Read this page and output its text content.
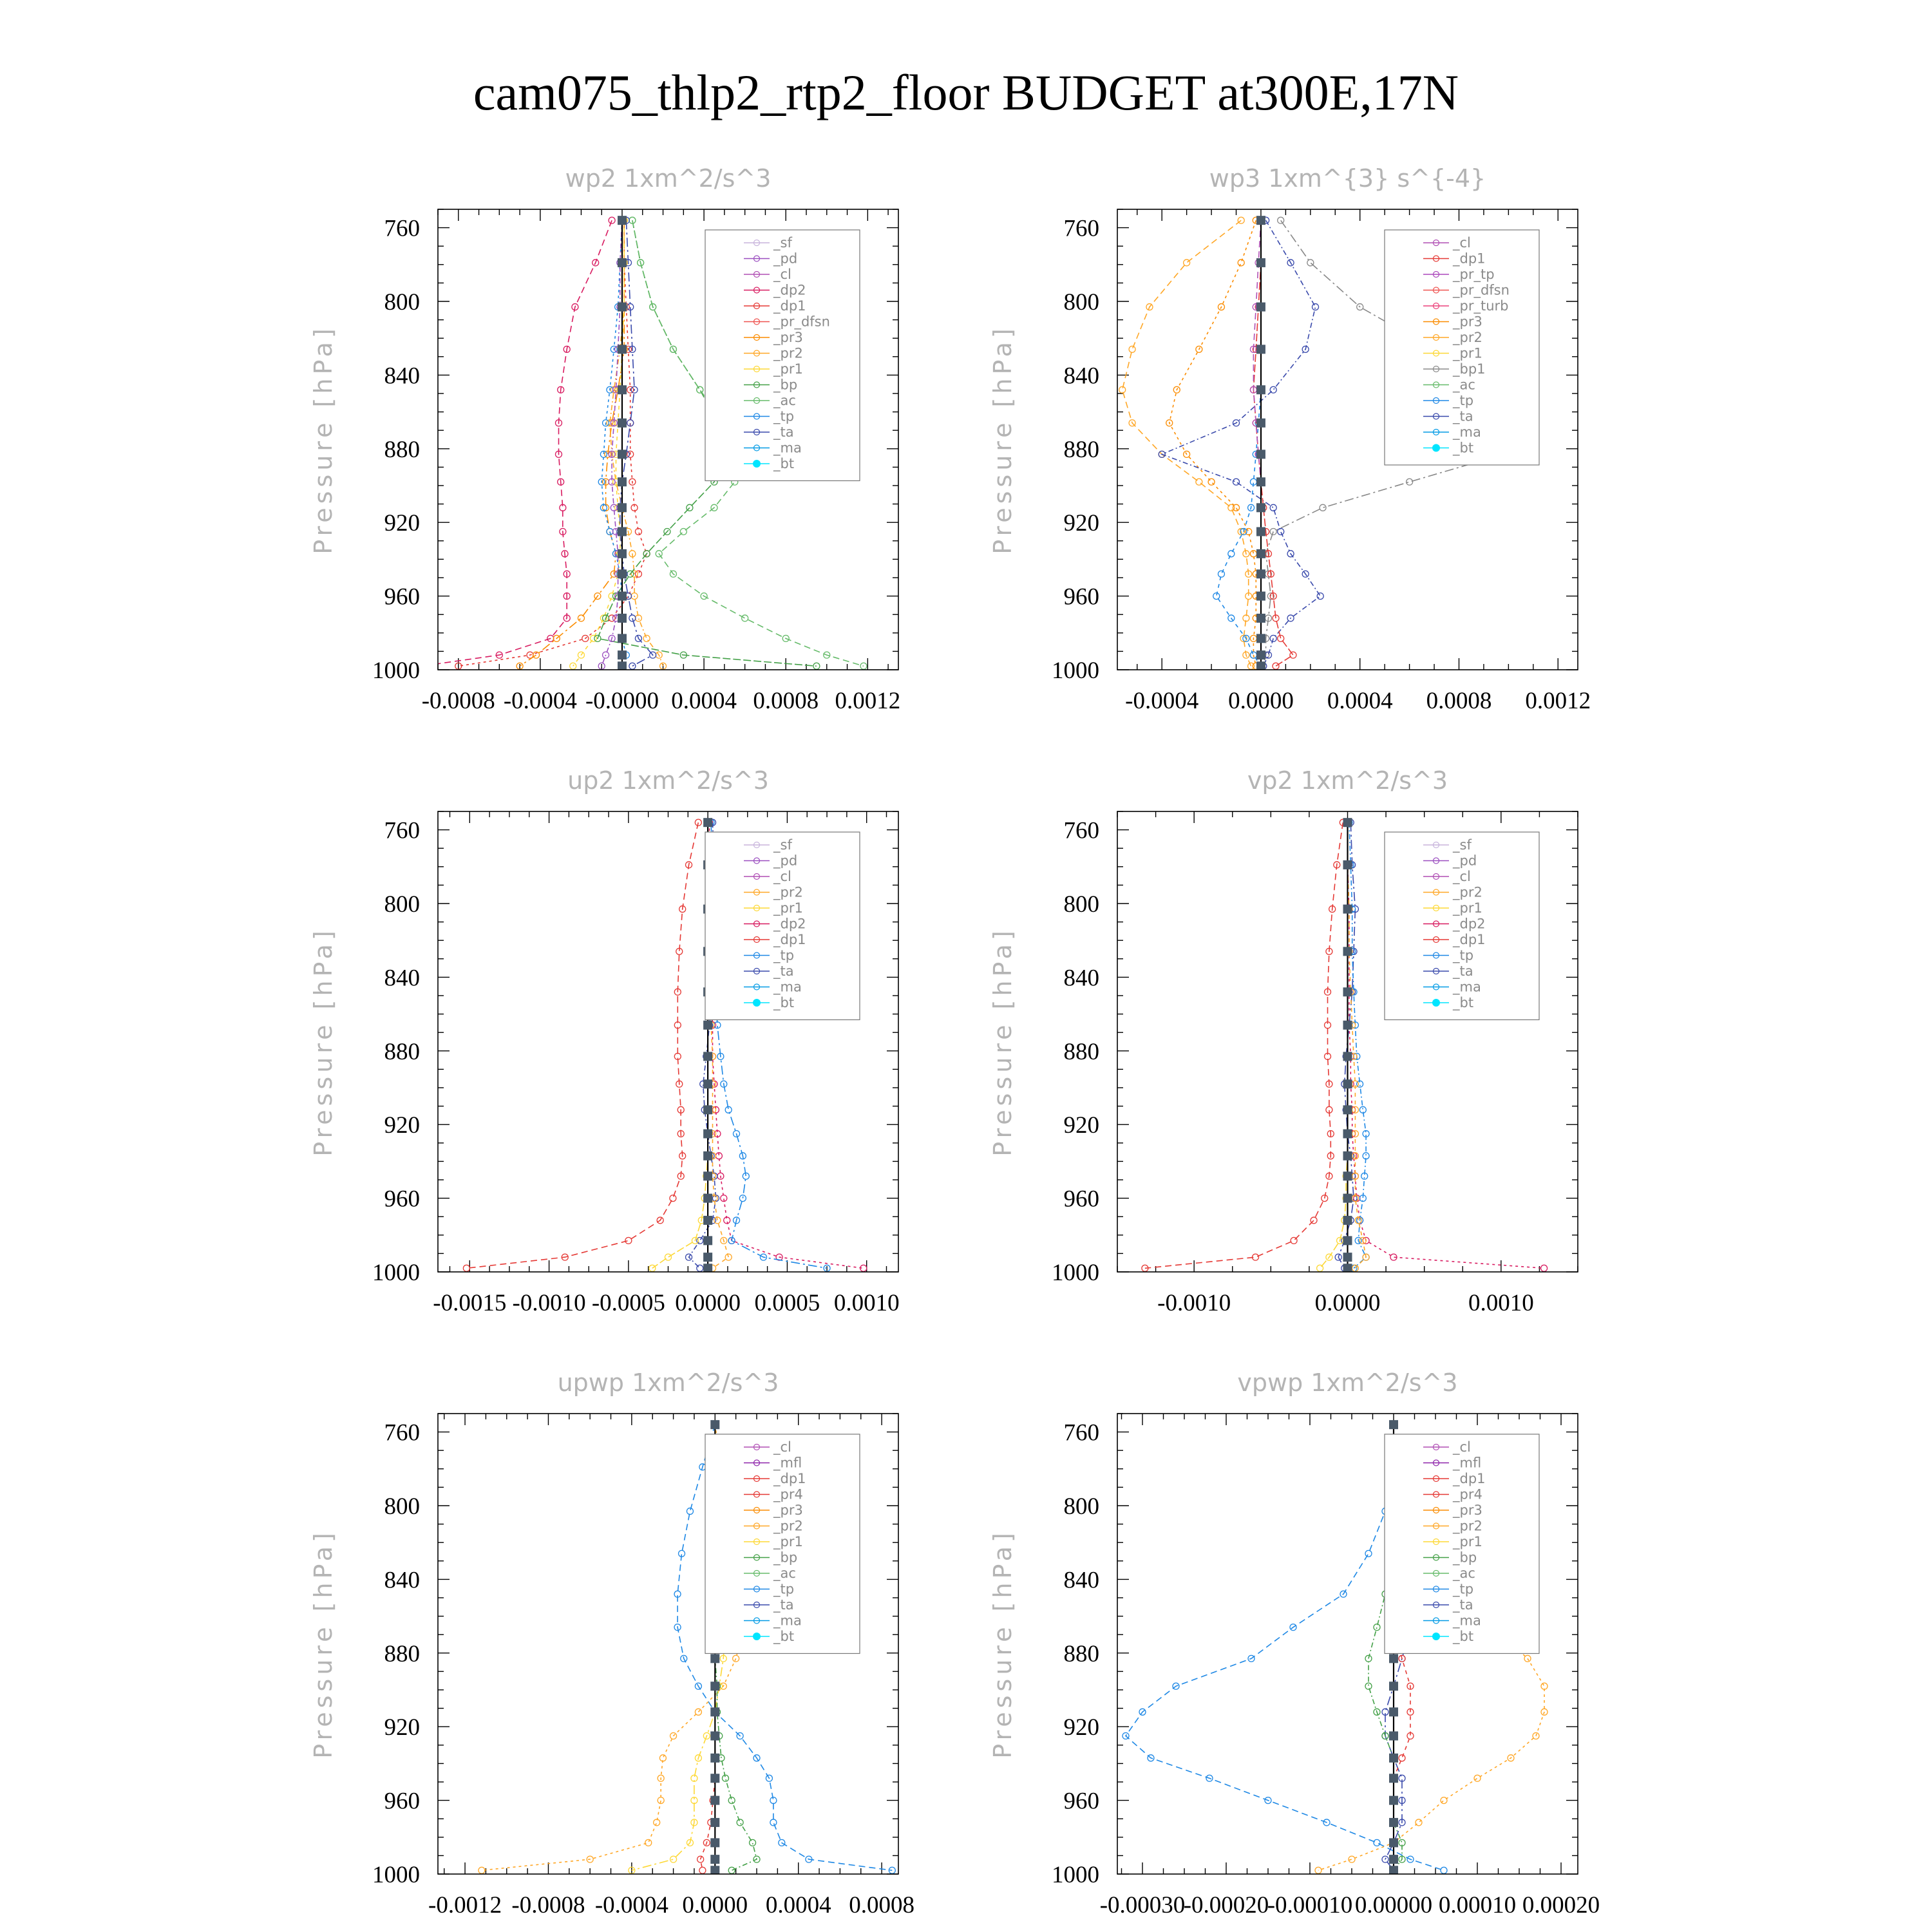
cam075_thlp2_rtp2_floor BUDGET at300E,17N
wp2 1xm^2/s^3
Pressure [hPa]
760
800
840
880
920
960
1000
-0.0008 -0.0004 -0.0000 0.0004 0.0008 0.0012
_sf
_pd
_cl
_dp2
_dp1
_pr_dfsn
_pr3
_pr2
_pr1
_bp
_ac
_tp
_ta
_ma
_bt
wp3 1xm^{3} s^{-4}
Pressure [hPa]
760
800
840
880
920
960
1000
-0.0004 0.0000 0.0004 0.0008 0.0012
_cl
_dp1
_pr_tp
_pr_dfsn
_pr_turb
_pr3
_pr2
_pr1
_bp1
_ac
_tp
_ta
_ma
_bt
up2 1xm^2/s^3
Pressure [hPa]
760
800
840
880
920
960
1000
-0.0015 -0.0010 -0.0005 0.0000 0.0005 0.0010
_sf
_pd
_cl
_pr2
_pr1
_dp2
_dp1
_tp
_ta
_ma
_bt
vp2 1xm^2/s^3
Pressure [hPa]
760
800
840
880
920
960
1000
-0.0010	0.0000	0.0010
_sf
_pd
_cl
_pr2
_pr1
_dp2
_dp1
_tp
_ta
_ma
_bt
upwp 1xm^2/s^3
Pressure [hPa]
760
800
840
880
920
960
1000
-0.0012 -0.0008 -0.0004 0.0000 0.0004 0.0008
_cl
_mfl
_dp1
_pr4
_pr3
_pr2
_pr1
_bp
_ac
_tp
_ta
_ma
_bt
vpwp 1xm^2/s^3
Pressure [hPa]
760
800
840
880
920
960
1000
-0.00030
-0.00020
-0.00010 0.00000 0.00010 0.00020
_cl
_mfl
_dp1
_pr4
_pr3
_pr2
_pr1
_bp
_ac
_tp
_ta
_ma
_bt
